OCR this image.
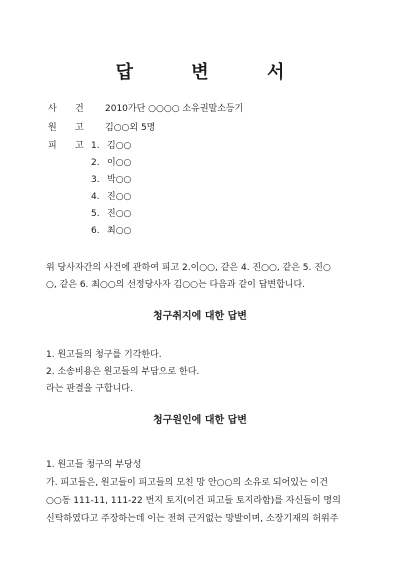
답 변 서
사 건 2010가단 ○○○○ 소유권말소등기
원 고 김○○외 5명
피 고 1. 김○○
2. 이○○
3. 박○○
4. 진○○
5. 진○○
6. 최○○
위 당사자간의 사건에 관하여 피고 2.이○○, 같은 4. 진○○, 같은 5. 진○
○, 같은 6. 최○○의 선정당사자 김○○는 다음과 같이 답변합니다.
청구취지에 대한 답변
1. 원고들의 청구를 기각한다.
2. 소송비용은 원고들의 부담으로 한다.
라는 판결을 구합니다.
청구원인에 대한 답변
1. 원고들 청구의 부당성
가. 피고들은, 원고들이 피고들의 모친 망 안○○의 소유로 되어있는 이건
○○동 111-11, 111-22 번지 토지(이건 피고들 토지라함)를 자신들이 명의
신탁하였다고 주장하는데 이는 전혀 근거없는 망발이며, 소장기재의 허위주
